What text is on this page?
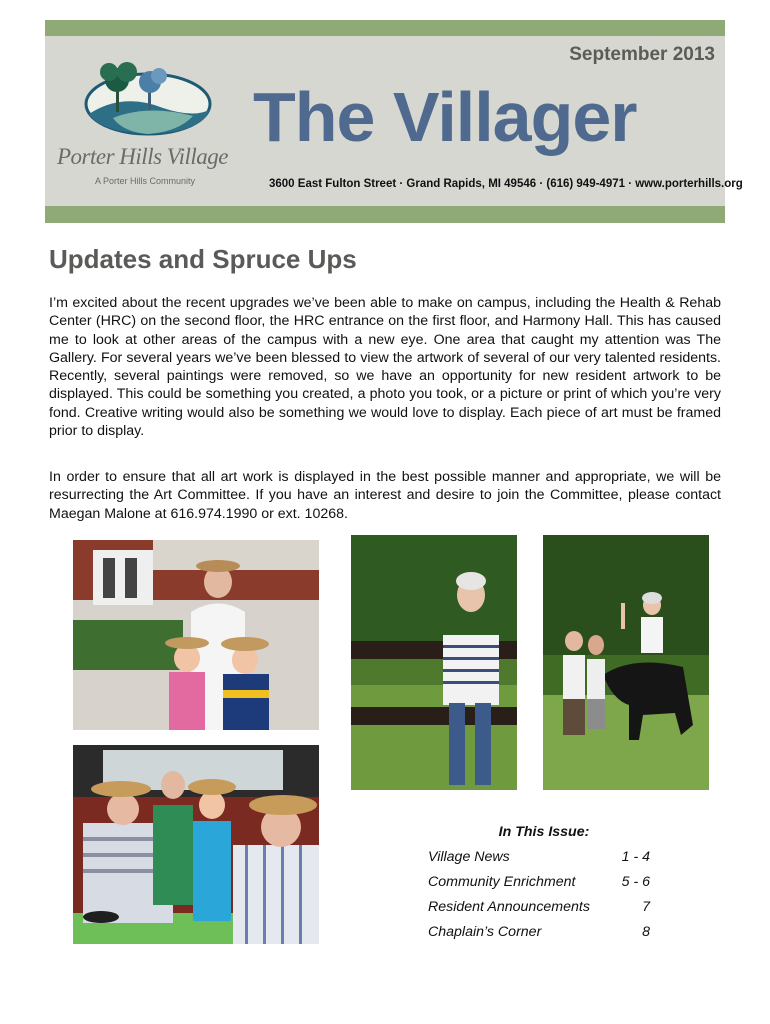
Porter Hills Village
A Porter Hills Community
September 2013
The Villager
3600 East Fulton Street · Grand Rapids, MI 49546 · (616) 949-4971 · www.porterhills.org
Updates and Spruce Ups

I’m excited about the recent upgrades we’ve been able to make on campus, including the Health & Rehab Center (HRC) on the second floor, the HRC entrance on the first floor, and Harmony Hall. This has caused me to look at other areas of the campus with a new eye. One area that caught my attention was The Gallery. For several years we’ve been blessed to view the artwork of several of our very talented residents. Recently, several paintings were removed, so we have an opportunity for new resident artwork to be displayed. This could be something you created, a photo you took, or a picture or print of which you’re very fond. Creative writing would also be something we would love to display. Each piece of art must be framed prior to display.

In order to ensure that all art work is displayed in the best possible manner and appropriate, we will be resurrecting the Art Committee. If you have an interest and desire to join the Committee, please contact Maegan Malone at 616.974.1990 or ext. 10268.

In This Issue:
Village News	1 - 4
Community Enrichment	5 - 6
Resident Announcements	7
Chaplain’s Corner	8
